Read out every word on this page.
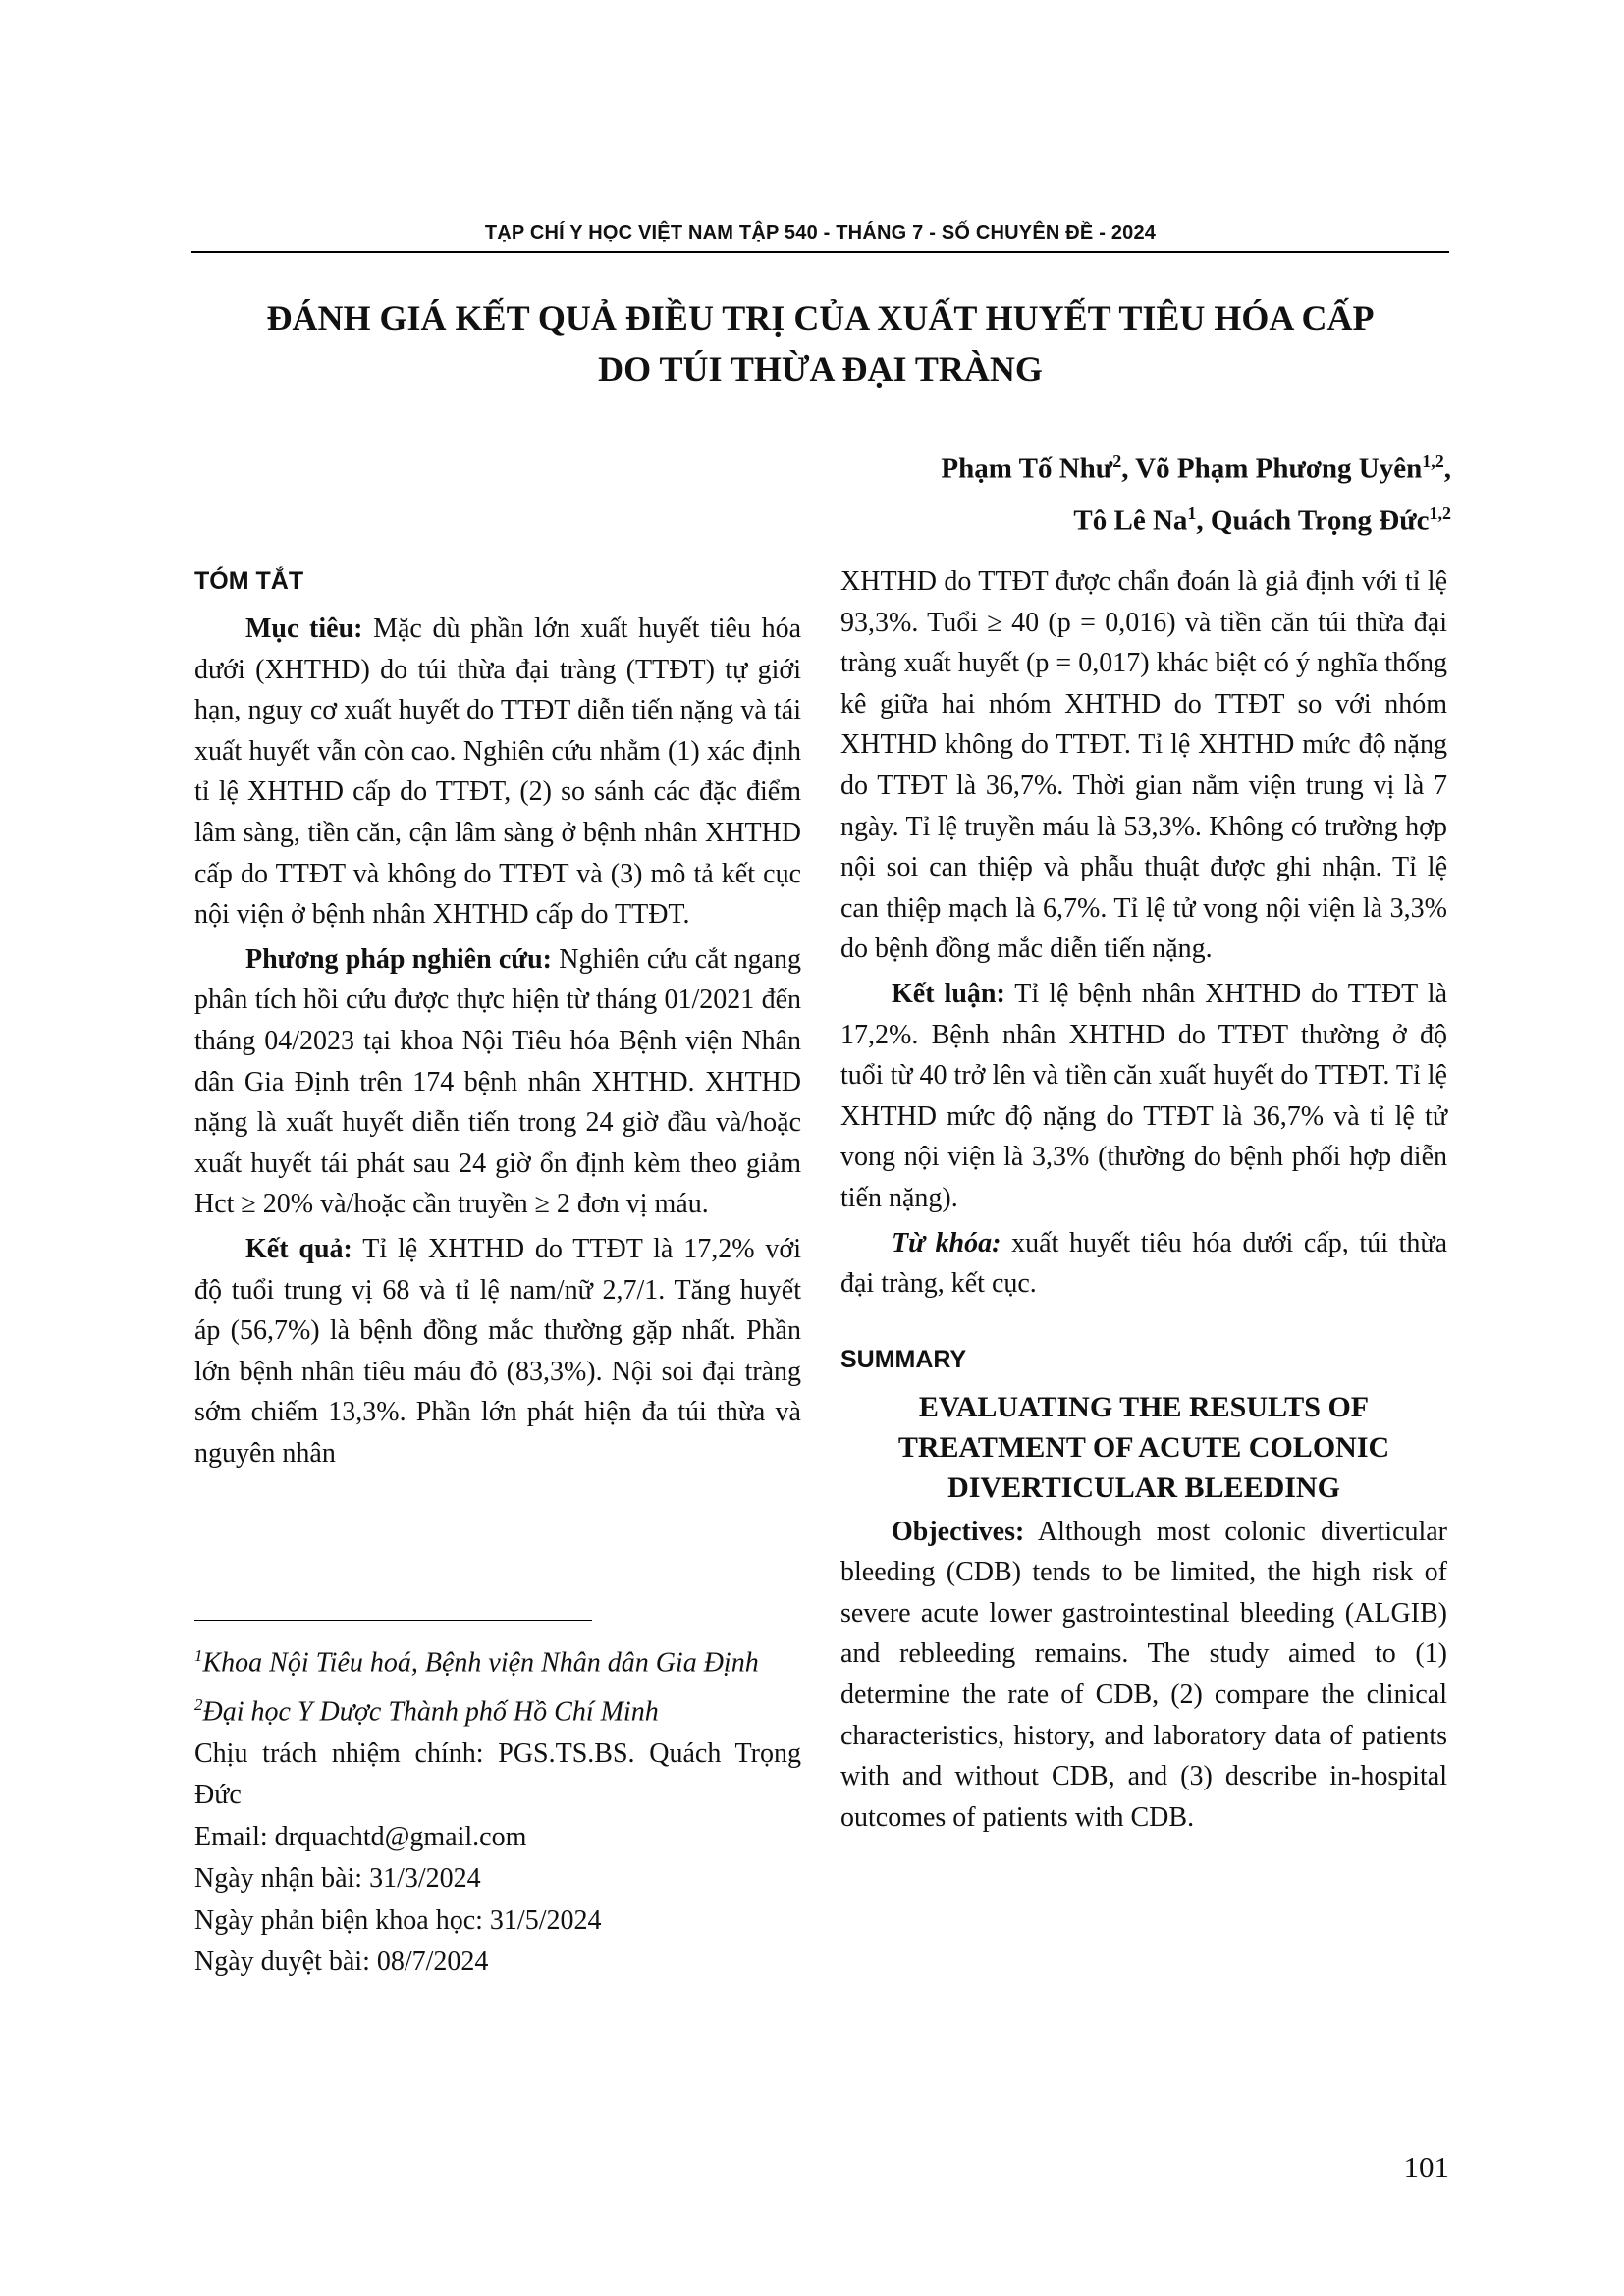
TẠP CHÍ Y HỌC VIỆT NAM TẬP 540 - THÁNG 7 - SỐ CHUYÊN ĐỀ - 2024
ĐÁNH GIÁ KẾT QUẢ ĐIỀU TRỊ CỦA XUẤT HUYẾT TIÊU HÓA CẤP
DO TÚI THỪA ĐẠI TRÀNG
Phạm Tố Như$^2$, Võ Phạm Phương Uyên$^{1,2}$,
Tô Lê Na$^1$, Quách Trọng Đức$^{1,2}$
TÓM TẮT

Mục tiêu: Mặc dù phần lớn xuất huyết tiêu hóa dưới (XHTHD) do túi thừa đại tràng (TTĐT) tự giới hạn, nguy cơ xuất huyết do TTĐT diễn tiến nặng và tái xuất huyết vẫn còn cao. Nghiên cứu nhằm (1) xác định tỉ lệ XHTHD cấp do TTĐT, (2) so sánh các đặc điểm lâm sàng, tiền căn, cận lâm sàng ở bệnh nhân XHTHD cấp do TTĐT và không do TTĐT và (3) mô tả kết cục nội viện ở bệnh nhân XHTHD cấp do TTĐT.

Phương pháp nghiên cứu: Nghiên cứu cắt ngang phân tích hồi cứu được thực hiện từ tháng 01/2021 đến tháng 04/2023 tại khoa Nội Tiêu hóa Bệnh viện Nhân dân Gia Định trên 174 bệnh nhân XHTHD. XHTHD nặng là xuất huyết diễn tiến trong 24 giờ đầu và/hoặc xuất huyết tái phát sau 24 giờ ổn định kèm theo giảm Hct ≥ 20% và/hoặc cần truyền ≥ 2 đơn vị máu.

Kết quả: Tỉ lệ XHTHD do TTĐT là 17,2% với độ tuổi trung vị 68 và tỉ lệ nam/nữ 2,7/1. Tăng huyết áp (56,7%) là bệnh đồng mắc thường gặp nhất. Phần lớn bệnh nhân tiêu máu đỏ (83,3%). Nội soi đại tràng sớm chiếm 13,3%. Phần lớn phát hiện đa túi thừa và nguyên nhân

$^1$Khoa Nội Tiêu hoá, Bệnh viện Nhân dân Gia Định

$^2$Đại học Y Dược Thành phố Hồ Chí Minh

Chịu trách nhiệm chính: PGS.TS.BS. Quách Trọng Đức

Email: drquachtd@gmail.com

Ngày nhận bài: 31/3/2024

Ngày phản biện khoa học: 31/5/2024

Ngày duyệt bài: 08/7/2024

XHTHD do TTĐT được chẩn đoán là giả định với tỉ lệ 93,3%. Tuổi ≥ 40 (p = 0,016) và tiền căn túi thừa đại tràng xuất huyết (p = 0,017) khác biệt có ý nghĩa thống kê giữa hai nhóm XHTHD do TTĐT so với nhóm XHTHD không do TTĐT. Tỉ lệ XHTHD mức độ nặng do TTĐT là 36,7%. Thời gian nằm viện trung vị là 7 ngày. Tỉ lệ truyền máu là 53,3%. Không có trường hợp nội soi can thiệp và phẫu thuật được ghi nhận. Tỉ lệ can thiệp mạch là 6,7%. Tỉ lệ tử vong nội viện là 3,3% do bệnh đồng mắc diễn tiến nặng.

Kết luận: Tỉ lệ bệnh nhân XHTHD do TTĐT là 17,2%. Bệnh nhân XHTHD do TTĐT thường ở độ tuổi từ 40 trở lên và tiền căn xuất huyết do TTĐT. Tỉ lệ XHTHD mức độ nặng do TTĐT là 36,7% và tỉ lệ tử vong nội viện là 3,3% (thường do bệnh phối hợp diễn tiến nặng).

Từ khóa: xuất huyết tiêu hóa dưới cấp, túi thừa đại tràng, kết cục.

SUMMARY
EVALUATING THE RESULTS OF
TREATMENT OF ACUTE COLONIC
DIVERTICULAR BLEEDING

Objectives: Although most colonic diverticular bleeding (CDB) tends to be limited, the high risk of severe acute lower gastrointestinal bleeding (ALGIB) and rebleeding remains. The study aimed to (1) determine the rate of CDB, (2) compare the clinical characteristics, history, and laboratory data of patients with and without CDB, and (3) describe in-hospital outcomes of patients with CDB.

101
